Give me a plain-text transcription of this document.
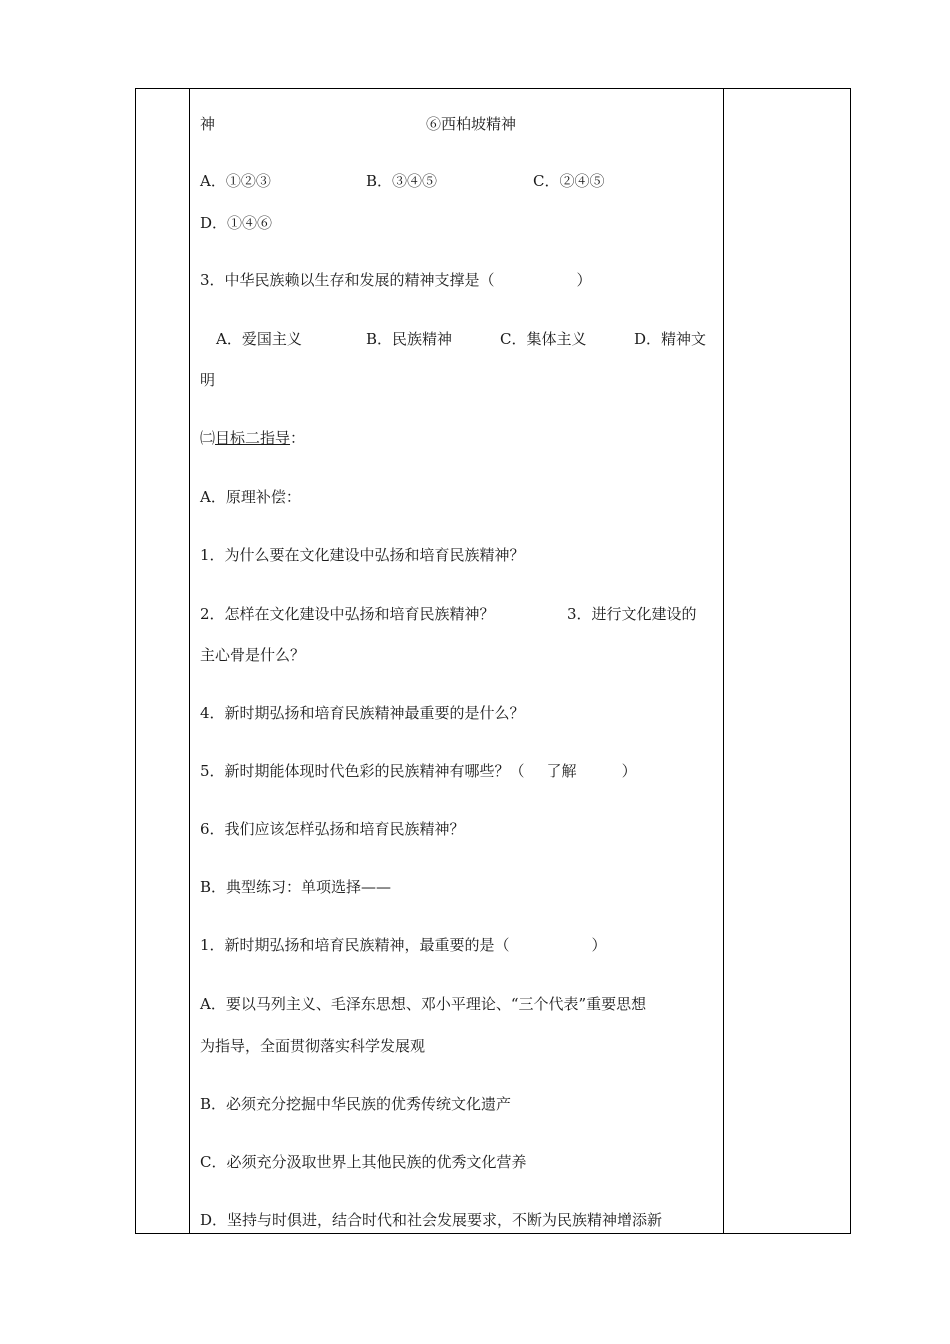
神	⑥西柏坡精神
A．①②③	B．③④⑤	C．②④⑤
D．①④⑥
3．中华民族赖以生存和发展的精神支撑是（	）
A．爱国主义	B．民族精神	C．集体主义	D．精神文
明
㈡目标二指导：
A．原理补偿：
1．为什么要在文化建设中弘扬和培育民族精神？
2．怎样在文化建设中弘扬和培育民族精神？	3．进行文化建设的
主心骨是什么？
4．新时期弘扬和培育民族精神最重要的是什么？
5．新时期能体现时代色彩的民族精神有哪些？（ 了解	）
6．我们应该怎样弘扬和培育民族精神？
B．典型练习：单项选择——
1．新时期弘扬和培育民族精神，最重要的是（	）
A．要以马列主义、毛泽东思想、邓小平理论、“三个代表”重要思想
为指导，全面贯彻落实科学发展观
B．必须充分挖掘中华民族的优秀传统文化遗产
C．必须充分汲取世界上其他民族的优秀文化营养
D．坚持与时俱进，结合时代和社会发展要求，不断为民族精神增添新
